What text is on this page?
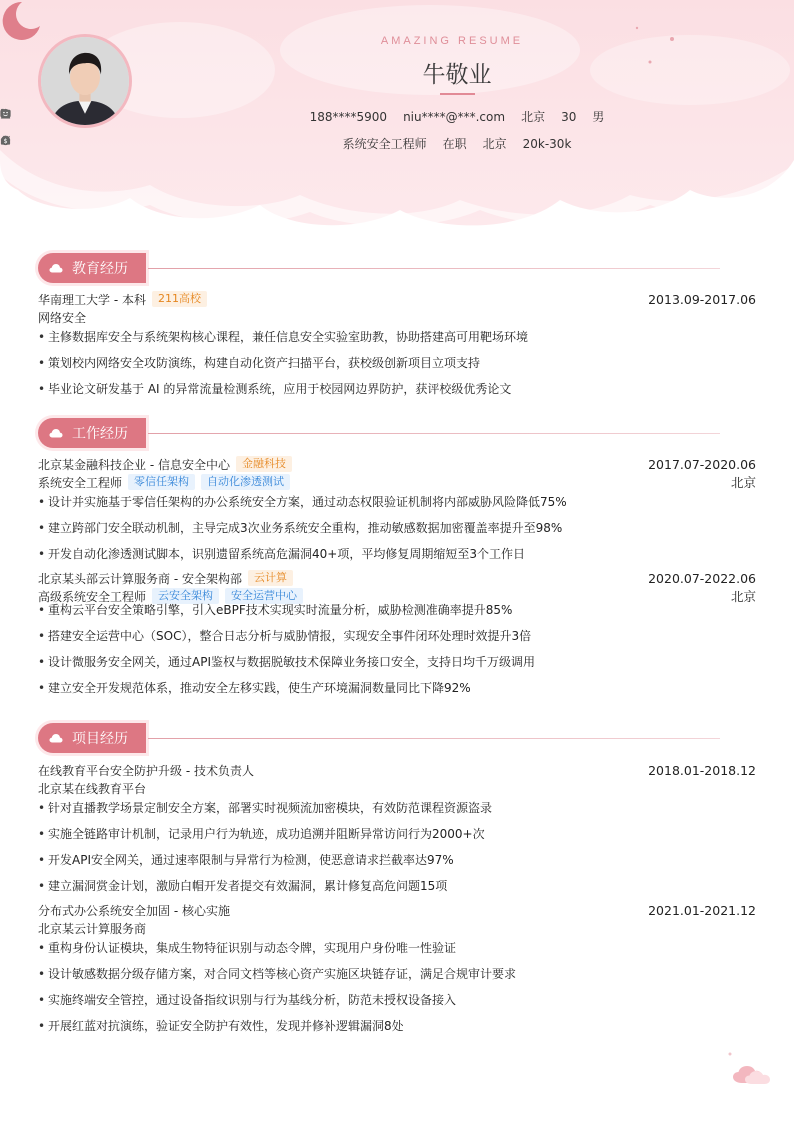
AMAZING RESUME
牛敬业
188****5900 niu****@***.com 北京 30 男
系统安全工程师 在职 北京
$	20k-30k
教育经历
华南理工大学 - 本科	211高校	2013.09-2017.06
网络安全
• 主修数据库安全与系统架构核心课程，兼任信息安全实验室助教，协助搭建高可用靶场环境
• 策划校内网络安全攻防演练，构建自动化资产扫描平台，获校级创新项目立项支持
• 毕业论文研发基于 AI 的异常流量检测系统，应用于校园网边界防护，获评校级优秀论文
工作经历
北京某金融科技企业 - 信息安全中心	金融科技	2017.07-2020.06
系统安全工程师	零信任架构	自动化渗透测试	北京
• 设计并实施基于零信任架构的办公系统安全方案，通过动态权限验证机制将内部威胁风险降低75%
• 建立跨部门安全联动机制，主导完成3次业务系统安全重构，推动敏感数据加密覆盖率提升至98%
• 开发自动化渗透测试脚本，识别遗留系统高危漏洞40+项，平均修复周期缩短至3个工作日
北京某头部云计算服务商 - 安全架构部	云计算	2020.07-2022.06
高级系统安全工程师	云安全架构	安全运营中心	北京
• 重构云平台安全策略引擎，引入eBPF技术实现实时流量分析，威胁检测准确率提升85%
• 搭建安全运营中心（SOC），整合日志分析与威胁情报，实现安全事件闭环处理时效提升3倍
• 设计微服务安全网关，通过API鉴权与数据脱敏技术保障业务接口安全，支持日均千万级调用
• 建立安全开发规范体系，推动安全左移实践，使生产环境漏洞数量同比下降92%
项目经历
在线教育平台安全防护升级 - 技术负责人	2018.01-2018.12
北京某在线教育平台
• 针对直播教学场景定制安全方案，部署实时视频流加密模块，有效防范课程资源盗录
• 实施全链路审计机制，记录用户行为轨迹，成功追溯并阻断异常访问行为2000+次
• 开发API安全网关，通过速率限制与异常行为检测，使恶意请求拦截率达97%
• 建立漏洞赏金计划，激励白帽开发者提交有效漏洞，累计修复高危问题15项
分布式办公系统安全加固 - 核心实施	2021.01-2021.12
北京某云计算服务商
• 重构身份认证模块，集成生物特征识别与动态令牌，实现用户身份唯一性验证
• 设计敏感数据分级存储方案，对合同文档等核心资产实施区块链存证，满足合规审计要求
• 实施终端安全管控，通过设备指纹识别与行为基线分析，防范未授权设备接入
• 开展红蓝对抗演练，验证安全防护有效性，发现并修补逻辑漏洞8处
